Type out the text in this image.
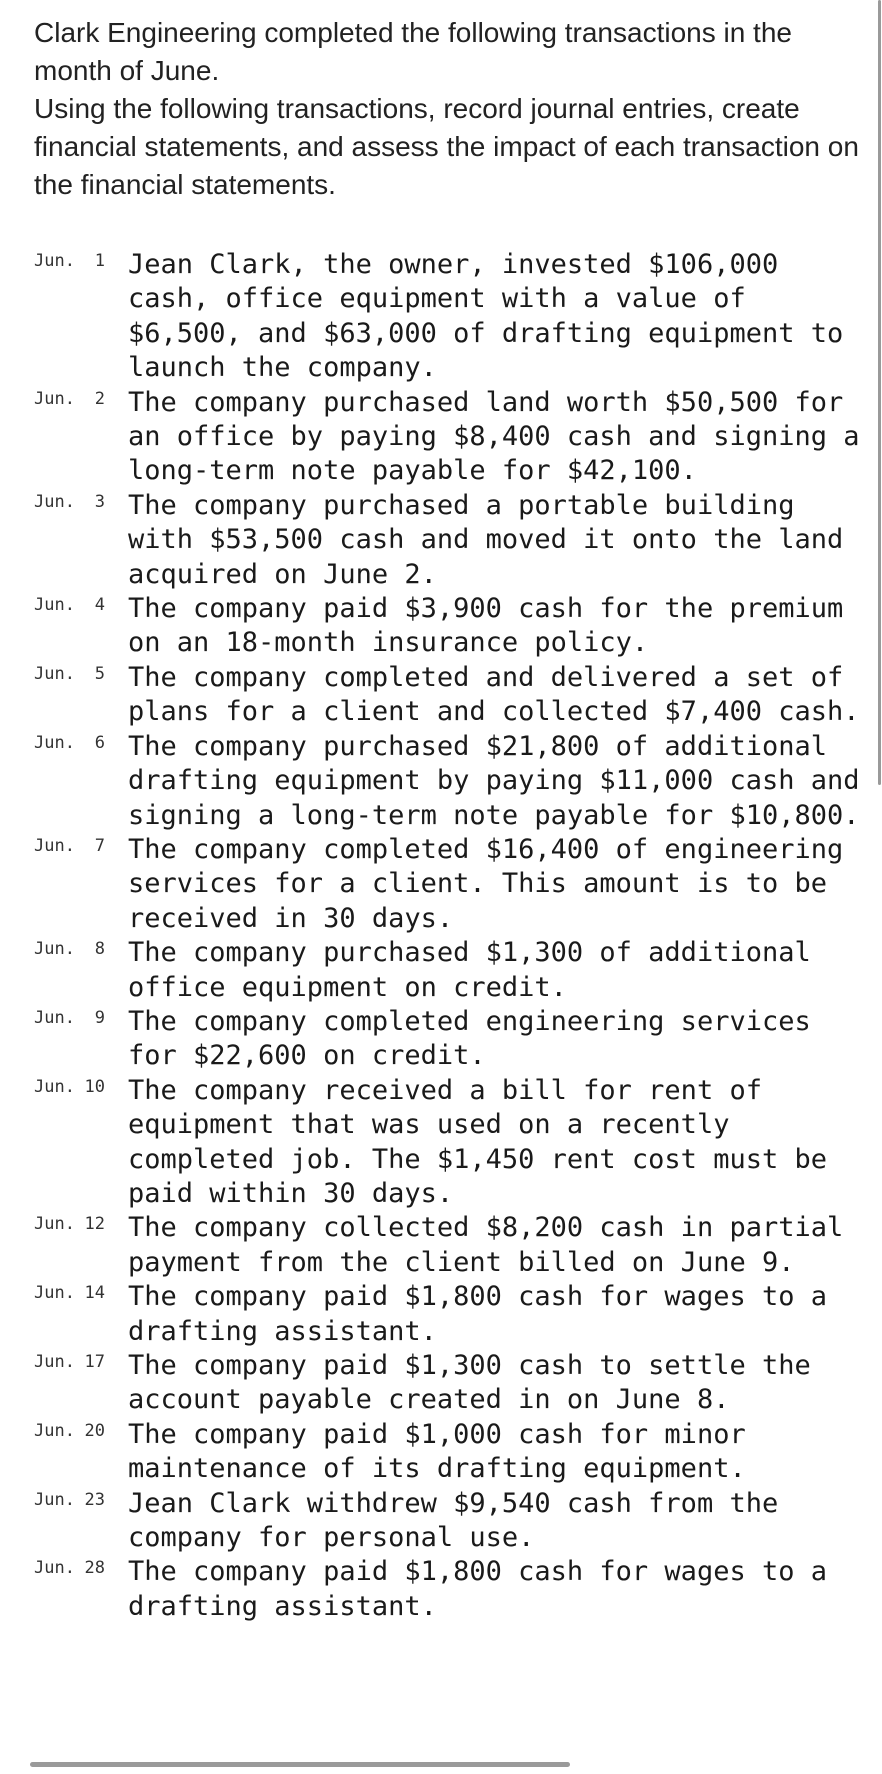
Clark Engineering completed the following transactions in the month of June.

Using the following transactions, record journal entries, create financial statements, and assess the impact of each transaction on the financial statements.

Jun. 1 Jean Clark, the owner, invested $106,000 cash, office equipment with a value of $6,500, and $63,000 of drafting equipment to launch the company.
Jun. 2 The company purchased land worth $50,500 for an office by paying $8,400 cash and signing a long-term note payable for $42,100.
Jun. 3 The company purchased a portable building with $53,500 cash and moved it onto the land acquired on June 2.
Jun. 4 The company paid $3,900 cash for the premium on an 18-month insurance policy.
Jun. 5 The company completed and delivered a set of plans for a client and collected $7,400 cash.
Jun. 6 The company purchased $21,800 of additional drafting equipment by paying $11,000 cash and signing a long-term note payable for $10,800.
Jun. 7 The company completed $16,400 of engineering services for a client. This amount is to be received in 30 days.
Jun. 8 The company purchased $1,300 of additional office equipment on credit.
Jun. 9 The company completed engineering services for $22,600 on credit.
Jun. 10 The company received a bill for rent of equipment that was used on a recently completed job. The $1,450 rent cost must be paid within 30 days.
Jun. 12 The company collected $8,200 cash in partial payment from the client billed on June 9.
Jun. 14 The company paid $1,800 cash for wages to a drafting assistant.
Jun. 17 The company paid $1,300 cash to settle the account payable created in on June 8.
Jun. 20 The company paid $1,000 cash for minor maintenance of its drafting equipment.
Jun. 23 Jean Clark withdrew $9,540 cash from the company for personal use.
Jun. 28 The company paid $1,800 cash for wages to a drafting assistant.
